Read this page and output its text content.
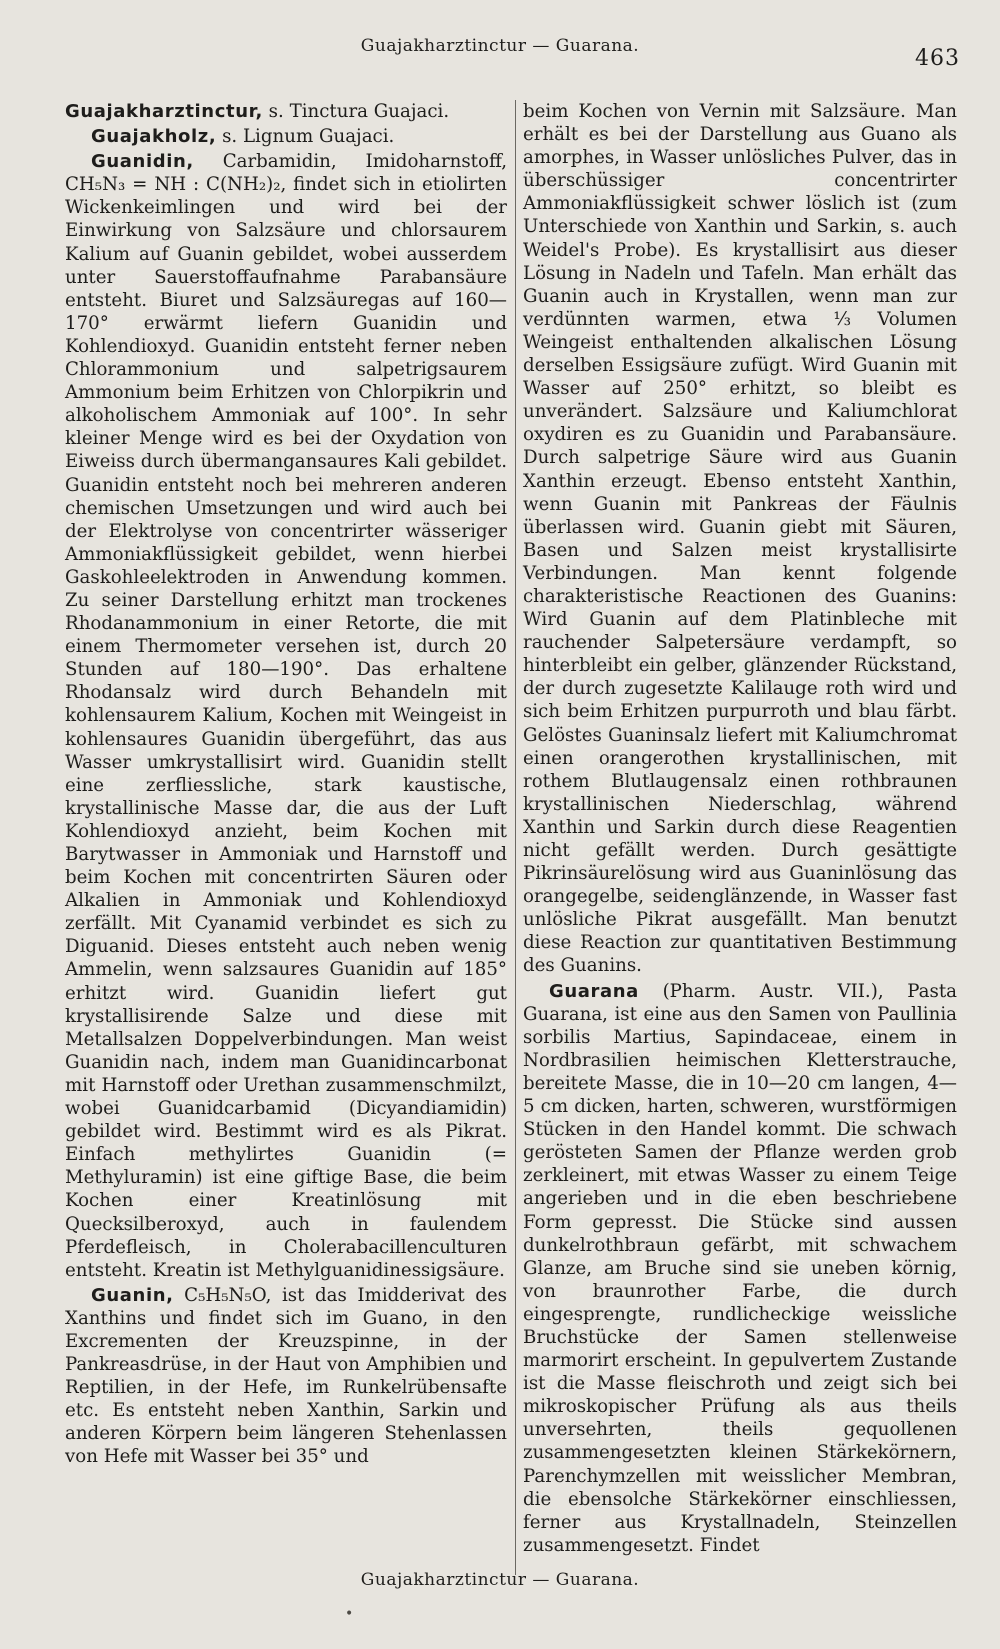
Guajakharztinctur — Guarana.	463

Guajakharztinctur, s. Tinctura Guajaci.

Guajakholz, s. Lignum Guajaci.

Guanidin, Carbamidin, Imidoharnstoff, CH₅N₃ = NH : C(NH₂)₂, findet sich in etiolirten Wickenkeimlingen und wird bei der Einwirkung von Salzsäure und chlorsaurem Kalium auf Guanin gebildet, wobei ausserdem unter Sauerstoffaufnahme Parabansäure entsteht. Biuret und Salzsäuregas auf 160—170° erwärmt liefern Guanidin und Kohlendioxyd. Guanidin entsteht ferner neben Chlorammonium und salpetrigsaurem Ammonium beim Erhitzen von Chlorpikrin und alkoholischem Ammoniak auf 100°. In sehr kleiner Menge wird es bei der Oxydation von Eiweiss durch übermangansaures Kali gebildet. Guanidin entsteht noch bei mehreren anderen chemischen Umsetzungen und wird auch bei der Elektrolyse von concentrirter wässeriger Ammoniakflüssigkeit gebildet, wenn hierbei Gaskohleelektroden in Anwendung kommen. Zu seiner Darstellung erhitzt man trockenes Rhodanammonium in einer Retorte, die mit einem Thermometer versehen ist, durch 20 Stunden auf 180—190°. Das erhaltene Rhodansalz wird durch Behandeln mit kohlensaurem Kalium, Kochen mit Weingeist in kohlensaures Guanidin übergeführt, das aus Wasser umkrystallisirt wird. Guanidin stellt eine zerfliessliche, stark kaustische, krystallinische Masse dar, die aus der Luft Kohlendioxyd anzieht, beim Kochen mit Barytwasser in Ammoniak und Harnstoff und beim Kochen mit concentrirten Säuren oder Alkalien in Ammoniak und Kohlendioxyd zerfällt. Mit Cyanamid verbindet es sich zu Diguanid. Dieses entsteht auch neben wenig Ammelin, wenn salzsaures Guanidin auf 185° erhitzt wird. Guanidin liefert gut krystallisirende Salze und diese mit Metallsalzen Doppelverbindungen. Man weist Guanidin nach, indem man Guanidincarbonat mit Harnstoff oder Urethan zusammenschmilzt, wobei Guanidcarbamid (Dicyandiamidin) gebildet wird. Bestimmt wird es als Pikrat. Einfach methylirtes Guanidin (= Methyluramin) ist eine giftige Base, die beim Kochen einer Kreatinlösung mit Quecksilberoxyd, auch in faulendem Pferdefleisch, in Cholerabacillenculturen entsteht. Kreatin ist Methylguanidinessigsäure.

Guanin, C₅H₅N₅O, ist das Imidderivat des Xanthins und findet sich im Guano, in den Excrementen der Kreuzspinne, in der Pankreasdrüse, in der Haut von Amphibien und Reptilien, in der Hefe, im Runkelrübensafte etc. Es entsteht neben Xanthin, Sarkin und anderen Körpern beim längeren Stehenlassen von Hefe mit Wasser bei 35° und

beim Kochen von Vernin mit Salzsäure. Man erhält es bei der Darstellung aus Guano als amorphes, in Wasser unlösliches Pulver, das in überschüssiger concentrirter Ammoniakflüssigkeit schwer löslich ist (zum Unterschiede von Xanthin und Sarkin, s. auch Weidel's Probe). Es krystallisirt aus dieser Lösung in Nadeln und Tafeln. Man erhält das Guanin auch in Krystallen, wenn man zur verdünnten warmen, etwa ⅓ Volumen Weingeist enthaltenden alkalischen Lösung derselben Essigsäure zufügt. Wird Guanin mit Wasser auf 250° erhitzt, so bleibt es unverändert. Salzsäure und Kaliumchlorat oxydiren es zu Guanidin und Parabansäure. Durch salpetrige Säure wird aus Guanin Xanthin erzeugt. Ebenso entsteht Xanthin, wenn Guanin mit Pankreas der Fäulnis überlassen wird. Guanin giebt mit Säuren, Basen und Salzen meist krystallisirte Verbindungen. Man kennt folgende charakteristische Reactionen des Guanins: Wird Guanin auf dem Platinbleche mit rauchender Salpetersäure verdampft, so hinterbleibt ein gelber, glänzender Rückstand, der durch zugesetzte Kalilauge roth wird und sich beim Erhitzen purpurroth und blau färbt. Gelöstes Guaninsalz liefert mit Kaliumchromat einen orangerothen krystallinischen, mit rothem Blutlaugensalz einen rothbraunen krystallinischen Niederschlag, während Xanthin und Sarkin durch diese Reagentien nicht gefällt werden. Durch gesättigte Pikrinsäurelösung wird aus Guaninlösung das orangegelbe, seidenglänzende, in Wasser fast unlösliche Pikrat ausgefällt. Man benutzt diese Reaction zur quantitativen Bestimmung des Guanins.

Guarana (Pharm. Austr. VII.), Pasta Guarana, ist eine aus den Samen von Paullinia sorbilis Martius, Sapindaceae, einem in Nordbrasilien heimischen Kletterstrauche, bereitete Masse, die in 10—20 cm langen, 4—5 cm dicken, harten, schweren, wurstförmigen Stücken in den Handel kommt. Die schwach gerösteten Samen der Pflanze werden grob zerkleinert, mit etwas Wasser zu einem Teige angerieben und in die eben beschriebene Form gepresst. Die Stücke sind aussen dunkelrothbraun gefärbt, mit schwachem Glanze, am Bruche sind sie uneben körnig, von braunrother Farbe, die durch eingesprengte, rundlicheckige weissliche Bruchstücke der Samen stellenweise marmorirt erscheint. In gepulvertem Zustande ist die Masse fleischroth und zeigt sich bei mikroskopischer Prüfung als aus theils unversehrten, theils gequollenen zusammengesetzten kleinen Stärkekörnern, Parenchymzellen mit weisslicher Membran, die ebensolche Stärkekörner einschliessen, ferner aus Krystallnadeln, Steinzellen zusammengesetzt. Findet

Guajakharztinctur — Guarana.
•
